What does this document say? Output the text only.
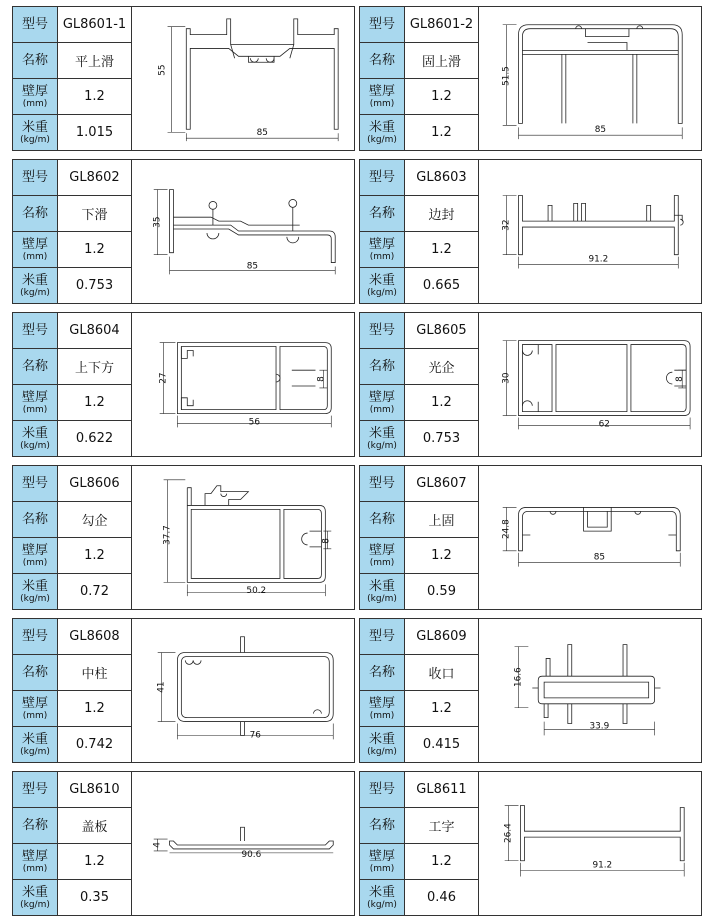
型号	GL8601-1
名称	平上滑
壁厚
(mm)	1.2
米重
(kg/m)	1.015
55
85
型号	GL8601-2
名称	固上滑
壁厚
(mm)	1.2
米重
(kg/m)	1.2
51.5
85
型号	GL8602
名称	下滑
壁厚
(mm)	1.2
米重
(kg/m)	0.753
35
85
型号	GL8603
名称	边封
壁厚
(mm)	1.2
米重
(kg/m)	0.665
32
91.2
型号	GL8604
名称	上下方
壁厚
(mm)	1.2
米重
(kg/m)	0.622
27
56
8
型号	GL8605
名称	光企
壁厚
(mm)	1.2
米重
(kg/m)	0.753
30
62
8
型号	GL8606
名称	勾企
壁厚
(mm)	1.2
米重
(kg/m)	0.72
37.7
50.2
8
型号	GL8607
名称	上固
壁厚
(mm)	1.2
米重
(kg/m)	0.59
24.8
85
型号	GL8608
名称	中柱
壁厚
(mm)	1.2
米重
(kg/m)	0.742
41
76
型号	GL8609
名称	收口
壁厚
(mm)	1.2
米重
(kg/m)	0.415
16.6
33.9
型号	GL8610
名称	盖板
壁厚
(mm)	1.2
米重
(kg/m)	0.35
4
90.6
型号	GL8611
名称	工字
壁厚
(mm)	1.2
米重
(kg/m)	0.46
26.4
91.2
